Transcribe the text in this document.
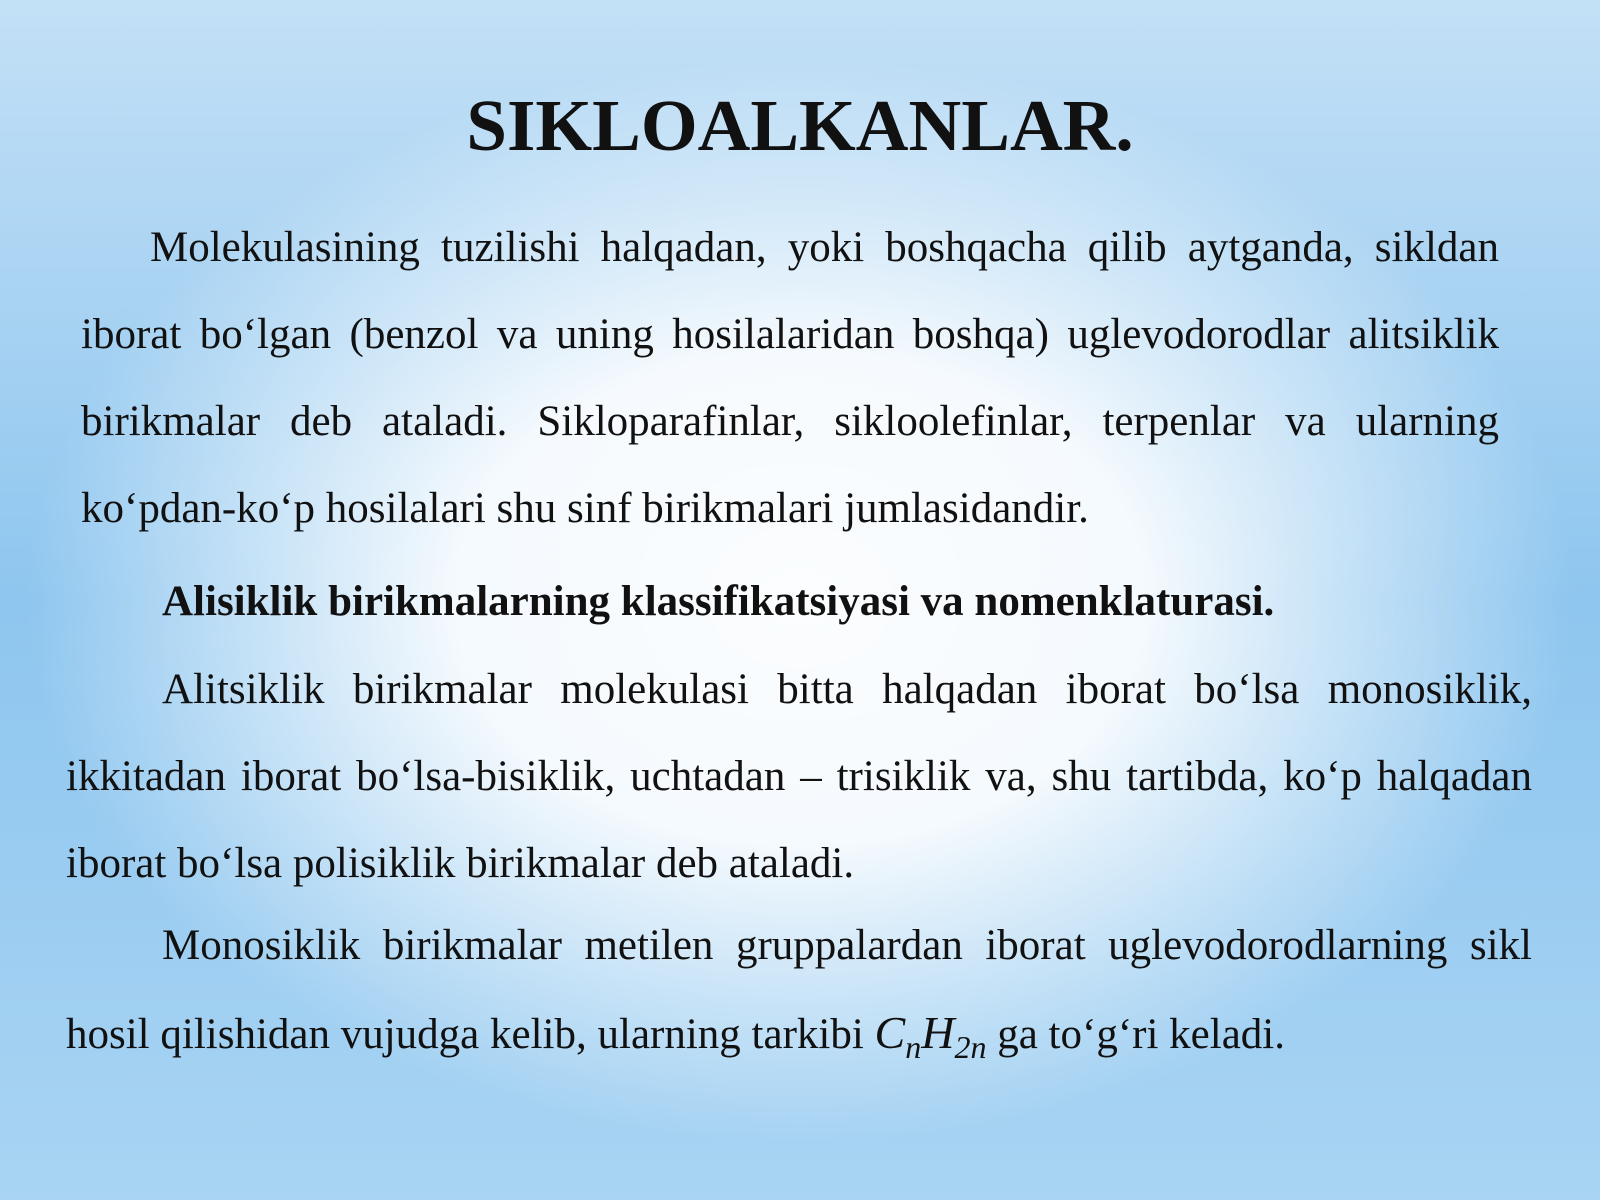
SIKLOALKANLAR.

Molekulasining tuzilishi halqadan, yoki boshqacha qilib aytganda, sikldan iborat bo‘lgan (benzol va uning hosilalaridan boshqa) uglevodorodlar alitsiklik birikmalar deb ataladi. Sikloparafinlar, sikloolefinlar, terpenlar va ularning ko‘pdan-ko‘p hosilalari shu sinf birikmalari jumlasidandir.

Alisiklik birikmalarning klassifikatsiyasi va nomenklaturasi.

Alitsiklik birikmalar molekulasi bitta halqadan iborat bo‘lsa monosiklik, ikkitadan iborat bo‘lsa-bisiklik, uchtadan – trisiklik va, shu tartibda, ko‘p halqadan iborat bo‘lsa polisiklik birikmalar deb ataladi.

Monosiklik birikmalar metilen gruppalardan iborat uglevodorodlarning sikl hosil qilishidan vujudga kelib, ularning tarkibi $C_nH_{2n}$ ga to‘g‘ri keladi.
